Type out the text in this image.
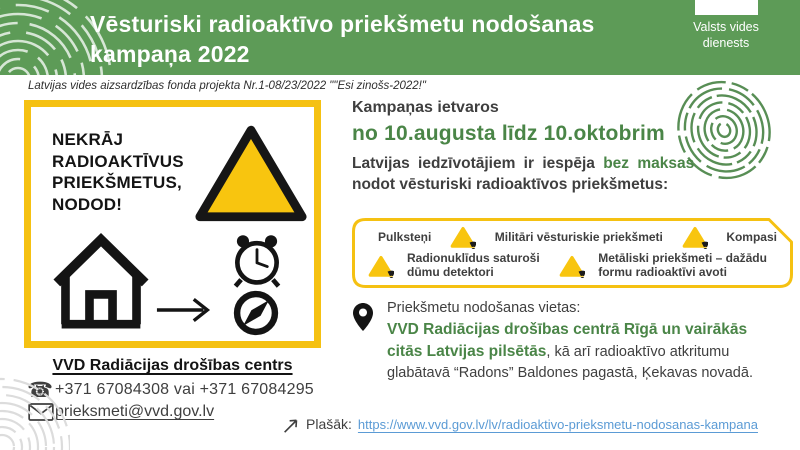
Vēsturiski radioaktīvo priekšmetu nodošanas kampaņa 2022
Valsts vides dienests
Latvijas vides aizsardzības fonda projekta Nr.1-08/23/2022 ""Esi zinošs-2022!"
NEKRĀJ
RADIOAKTĪVUS
PRIEKŠMETUS,
NODOD!
VVD Radiācijas drošības centrs
☎ +371 67084308 vai +371 67084295
prieksmeti@vvd.gov.lv
Kampaņas ietvaros
no 10.augusta līdz 10.oktobrim
Latvijas iedzīvotājiem ir iespēja bez maksas
nodot vēsturiski radioaktīvos priekšmetus:
Pulksteņi	Militāri vēsturiskie priekšmeti	Kompasi
Radionuklīdus saturoši dūmu detektori
Metāliski priekšmeti – dažādu formu radioaktīvi avoti
Priekšmetu nodošanas vietas:

VVD Radiācijas drošības centrā Rīgā un vairākās citās Latvijas pilsētās, kā arī radioaktīvo atkritumu glabātavā “Radons” Baldones pagastā, Ķekavas novadā.

Plašāk: https://www.vvd.gov.lv/lv/radioaktivo-prieksmetu-nodosanas-kampana
